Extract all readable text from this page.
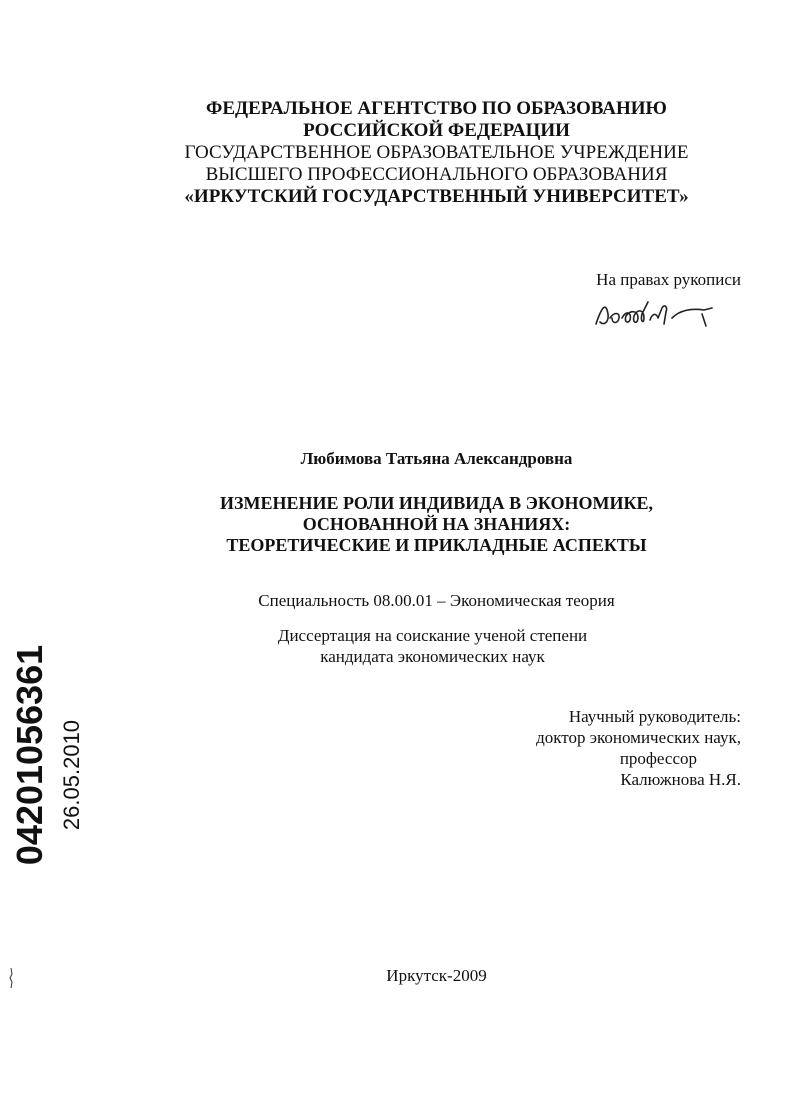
ФЕДЕРАЛЬНОЕ АГЕНТСТВО ПО ОБРАЗОВАНИЮ
РОССИЙСКОЙ ФЕДЕРАЦИИ
ГОСУДАРСТВЕННОЕ ОБРАЗОВАТЕЛЬНОЕ УЧРЕЖДЕНИЕ
ВЫСШЕГО ПРОФЕССИОНАЛЬНОГО ОБРАЗОВАНИЯ
«ИРКУТСКИЙ ГОСУДАРСТВЕННЫЙ УНИВЕРСИТЕТ»
На правах рукописи
Любимова Татьяна Александровна
ИЗМЕНЕНИЕ РОЛИ ИНДИВИДА В ЭКОНОМИКЕ,
ОСНОВАННОЙ НА ЗНАНИЯХ:
ТЕОРЕТИЧЕСКИЕ И ПРИКЛАДНЫЕ АСПЕКТЫ
Специальность 08.00.01 – Экономическая теория
Диссертация на соискание ученой степени
кандидата экономических наук
Научный руководитель:
доктор экономических наук,
профессор
Калюжнова Н.Я.
Иркутск-2009
04201056361 26.05.2010
